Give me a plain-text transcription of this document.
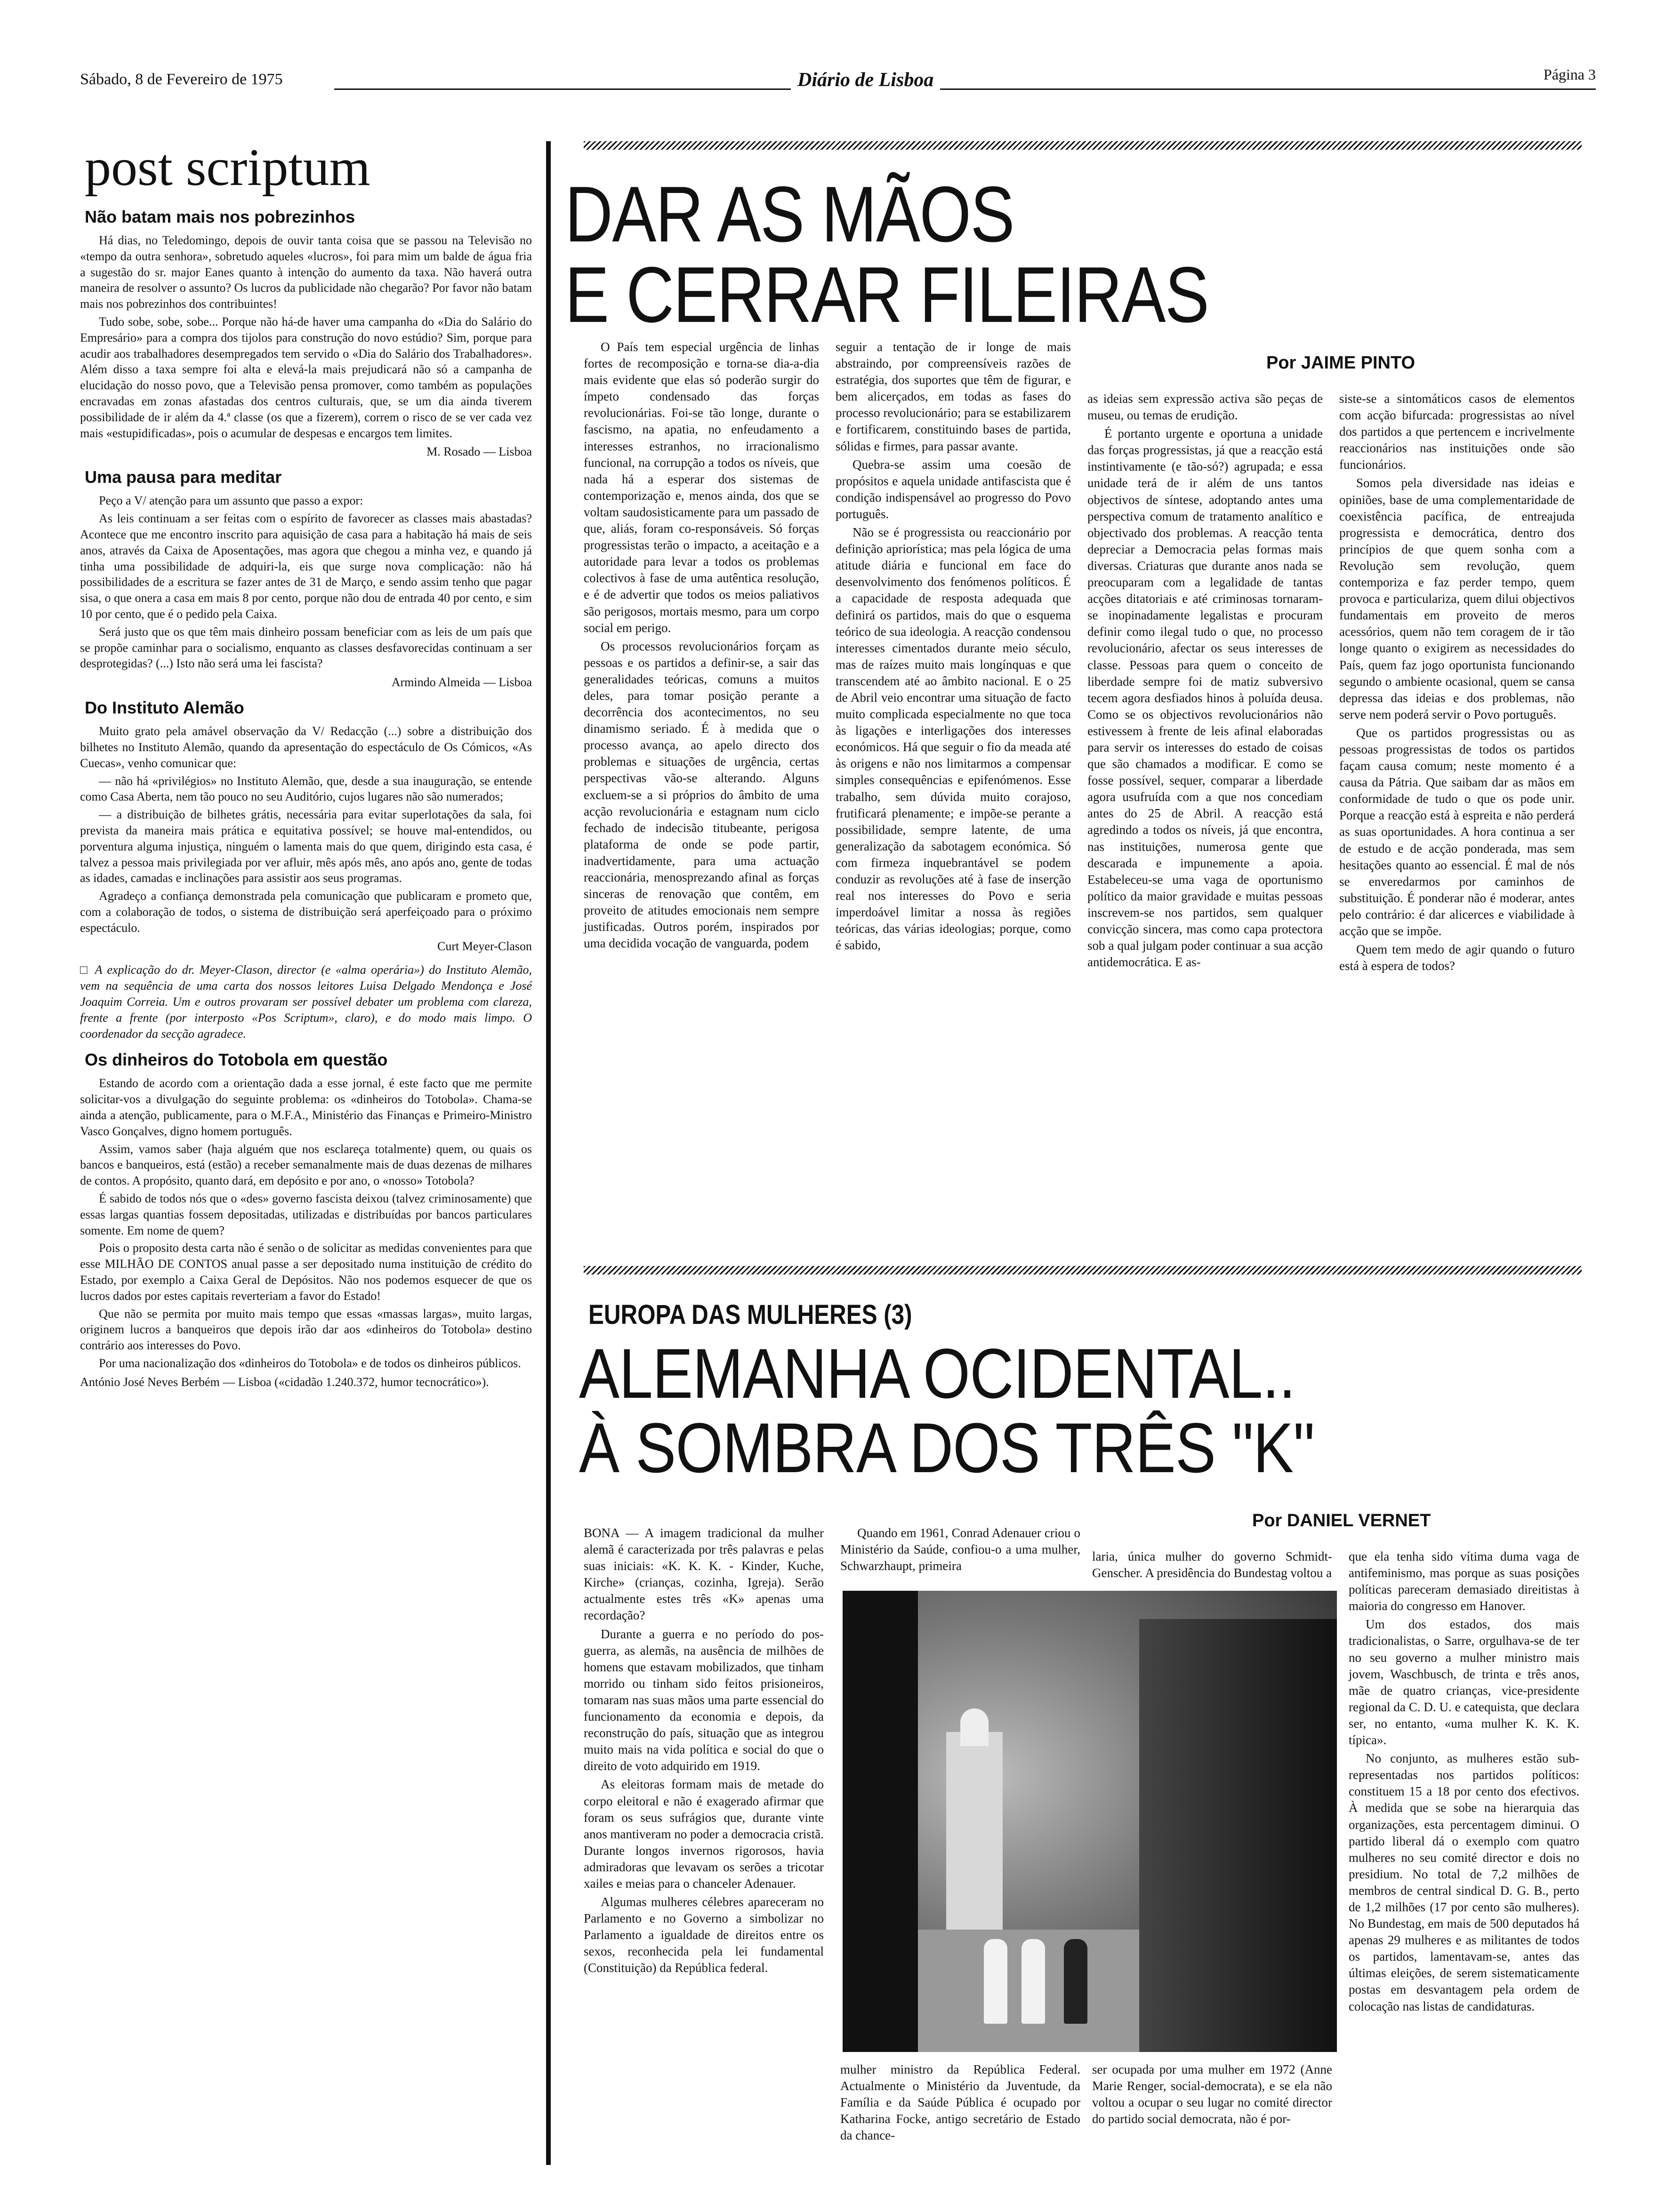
Sábado, 8 de Fevereiro de 1975	Diário de Lisboa	Página 3
post scriptum
Não batam mais nos pobrezinhos

Há dias, no Teledomingo, depois de ouvir tanta coisa que se passou na Televisão no «tempo da outra senhora», sobretudo aqueles «lucros», foi para mim um balde de água fria a sugestão do sr. major Eanes quanto à intenção do aumento da taxa. Não haverá outra maneira de resolver o assunto? Os lucros da publicidade não chegarão? Por favor não batam mais nos pobrezinhos dos contribuintes!

Tudo sobe, sobe, sobe... Porque não há-de haver uma campanha do «Dia do Salário do Empresário» para a compra dos tijolos para construção do novo estúdio? Sim, porque para acudir aos trabalhadores desempregados tem servido o «Dia do Salário dos Trabalhadores». Além disso a taxa sempre foi alta e elevá-la mais prejudicará não só a campanha de elucidação do nosso povo, que a Televisão pensa promover, como também as populações encravadas em zonas afastadas dos centros culturais, que, se um dia ainda tiverem possibilidade de ir além da 4.ª classe (os que a fizerem), correm o risco de se ver cada vez mais «estupidificadas», pois o acumular de despesas e encargos tem limites.

M. Rosado — Lisboa
Uma pausa para meditar

Peço a V/ atenção para um assunto que passo a expor:

As leis continuam a ser feitas com o espírito de favorecer as classes mais abastadas? Acontece que me encontro inscrito para aquisição de casa para a habitação há mais de seis anos, através da Caixa de Aposentações, mas agora que chegou a minha vez, e quando já tinha uma possibilidade de adquiri-la, eis que surge nova complicação: não há possibilidades de a escritura se fazer antes de 31 de Março, e sendo assim tenho que pagar sisa, o que onera a casa em mais 8 por cento, porque não dou de entrada 40 por cento, e sim 10 por cento, que é o pedido pela Caixa.

Será justo que os que têm mais dinheiro possam beneficiar com as leis de um país que se propõe caminhar para o socialismo, enquanto as classes desfavorecidas continuam a ser desprotegidas? (...) Isto não será uma lei fascista?

Armindo Almeida — Lisboa
Do Instituto Alemão

Muito grato pela amável observação da V/ Redacção (...) sobre a distribuição dos bilhetes no Instituto Alemão, quando da apresentação do espectáculo de Os Cómicos, «As Cuecas», venho comunicar que:

— não há «privilégios» no Instituto Alemão, que, desde a sua inauguração, se entende como Casa Aberta, nem tão pouco no seu Auditório, cujos lugares não são numerados;

— a distribuição de bilhetes grátis, necessária para evitar superlotações da sala, foi prevista da maneira mais prática e equitativa possível; se houve mal-entendidos, ou porventura alguma injustiça, ninguém o lamenta mais do que quem, dirigindo esta casa, é talvez a pessoa mais privilegiada por ver afluir, mês após mês, ano após ano, gente de todas as idades, camadas e inclinações para assistir aos seus programas.

Agradeço a confiança demonstrada pela comunicação que publicaram e prometo que, com a colaboração de todos, o sistema de distribuição será aperfeiçoado para o próximo espectáculo.

Curt Meyer-Clason

□ A explicação do dr. Meyer-Clason, director (e «alma operária») do Instituto Alemão, vem na sequência de uma carta dos nossos leitores Luisa Delgado Mendonça e José Joaquim Correia. Um e outros provaram ser possível debater um problema com clareza, frente a frente (por interposto «Pos Scriptum», claro), e do modo mais limpo. O coordenador da secção agradece.

Os dinheiros do Totobola em questão

Estando de acordo com a orientação dada a esse jornal, é este facto que me permite solicitar-vos a divulgação do seguinte problema: os «dinheiros do Totobola». Chama-se ainda a atenção, publicamente, para o M.F.A., Ministério das Finanças e Primeiro-Ministro Vasco Gonçalves, digno homem português.

Assim, vamos saber (haja alguém que nos esclareça totalmente) quem, ou quais os bancos e banqueiros, está (estão) a receber semanalmente mais de duas dezenas de milhares de contos. A propósito, quanto dará, em depósito e por ano, o «nosso» Totobola?

É sabido de todos nós que o «des» governo fascista deixou (talvez criminosamente) que essas largas quantias fossem depositadas, utilizadas e distribuídas por bancos particulares somente. Em nome de quem?

Pois o proposito desta carta não é senão o de solicitar as medidas convenientes para que esse MILHÃO DE CONTOS anual passe a ser depositado numa instituição de crédito do Estado, por exemplo a Caixa Geral de Depósitos. Não nos podemos esquecer de que os lucros dados por estes capitais reverteriam a favor do Estado!

Que não se permita por muito mais tempo que essas «massas largas», muito largas, originem lucros a banqueiros que depois irão dar aos «dinheiros do Totobola» destino contrário aos interesses do Povo.

Por uma nacionalização dos «dinheiros do Totobola» e de todos os dinheiros públicos.

António José Neves Berbém — Lisboa («cidadão 1.240.372, humor tecnocrático»).
DAR AS MÃOS
E CERRAR FILEIRAS
Por JAIME PINTO

O País tem especial urgência de linhas fortes de recomposição e torna-se dia-a-dia mais evidente que elas só poderão surgir do ímpeto condensado das forças revolucionárias. Foi-se tão longe, durante o fascismo, na apatia, no enfeudamento a interesses estranhos, no irracionalismo funcional, na corrupção a todos os níveis, que nada há a esperar dos sistemas de contemporização e, menos ainda, dos que se voltam saudosisticamente para um passado de que, aliás, foram co-responsáveis. Só forças progressistas terão o impacto, a aceitação e a autoridade para levar a todos os problemas colectivos à fase de uma autêntica resolução, e é de advertir que todos os meios paliativos são perigosos, mortais mesmo, para um corpo social em perigo.

Os processos revolucionários forçam as pessoas e os partidos a definir-se, a sair das generalidades teóricas, comuns a muitos deles, para tomar posição perante a decorrência dos acontecimentos, no seu dinamismo seriado. É à medida que o processo avança, ao apelo directo dos problemas e situações de urgência, certas perspectivas vão-se alterando. Alguns excluem-se a si próprios do âmbito de uma acção revolucionária e estagnam num ciclo fechado de indecisão titubeante, perigosa plataforma de onde se pode partir, inadvertidamente, para uma actuação reaccionária, menosprezando afinal as forças sinceras de renovação que contêm, em proveito de atitudes emocionais nem sempre justificadas. Outros porém, inspirados por uma decidida vocação de vanguarda, podem

seguir a tentação de ir longe de mais abstraindo, por compreensíveis razões de estratégia, dos suportes que têm de figurar, e bem alicerçados, em todas as fases do processo revolucionário; para se estabilizarem e fortificarem, constituindo bases de partida, sólidas e firmes, para passar avante.

Quebra-se assim uma coesão de propósitos e aquela unidade antifascista que é condição indispensável ao progresso do Povo português.

Não se é progressista ou reaccionário por definição apriorística; mas pela lógica de uma atitude diária e funcional em face do desenvolvimento dos fenómenos políticos. É a capacidade de resposta adequada que definirá os partidos, mais do que o esquema teórico de sua ideologia. A reacção condensou interesses cimentados durante meio século, mas de raízes muito mais longínquas e que transcendem até ao âmbito nacional. E o 25 de Abril veio encontrar uma situação de facto muito complicada especialmente no que toca às ligações e interligações dos interesses económicos. Há que seguir o fio da meada até às origens e não nos limitarmos a compensar simples consequências e epifenómenos. Esse trabalho, sem dúvida muito corajoso, frutificará plenamente; e impõe-se perante a possibilidade, sempre latente, de uma generalização da sabotagem económica. Só com firmeza inquebrantável se podem conduzir as revoluções até à fase de inserção real nos interesses do Povo e seria imperdoável limitar a nossa às regiões teóricas, das várias ideologias; porque, como é sabido,

as ideias sem expressão activa são peças de museu, ou temas de erudição.

É portanto urgente e oportuna a unidade das forças progressistas, já que a reacção está instintivamente (e tão-só?) agrupada; e essa unidade terá de ir além de uns tantos objectivos de síntese, adoptando antes uma perspectiva comum de tratamento analítico e objectivado dos problemas. A reacção tenta depreciar a Democracia pelas formas mais diversas. Criaturas que durante anos nada se preocuparam com a legalidade de tantas acções ditatoriais e até criminosas tornaram-se inopinadamente legalistas e procuram definir como ilegal tudo o que, no processo revolucionário, afectar os seus interesses de classe. Pessoas para quem o conceito de liberdade sempre foi de matiz subversivo tecem agora desfiados hinos à poluída deusa. Como se os objectivos revolucionários não estivessem à frente de leis afinal elaboradas para servir os interesses do estado de coisas que são chamados a modificar. E como se fosse possível, sequer, comparar a liberdade agora usufruída com a que nos concediam antes do 25 de Abril. A reacção está agredindo a todos os níveis, já que encontra, nas instituições, numerosa gente que descarada e impunemente a apoia. Estabeleceu-se uma vaga de oportunismo político da maior gravidade e muitas pessoas inscrevem-se nos partidos, sem qualquer convicção sincera, mas como capa protectora sob a qual julgam poder continuar a sua acção antidemocrática. E as-

siste-se a sintomáticos casos de elementos com acção bifurcada: progressistas ao nível dos partidos a que pertencem e incrivelmente reaccionários nas instituições onde são funcionários.

Somos pela diversidade nas ideias e opiniões, base de uma complementaridade de coexistência pacífica, de entreajuda progressista e democrática, dentro dos princípios de que quem sonha com a Revolução sem revolução, quem contemporiza e faz perder tempo, quem provoca e particulariza, quem dilui objectivos fundamentais em proveito de meros acessórios, quem não tem coragem de ir tão longe quanto o exigirem as necessidades do País, quem faz jogo oportunista funcionando segundo o ambiente ocasional, quem se cansa depressa das ideias e dos problemas, não serve nem poderá servir o Povo português.

Que os partidos progressistas ou as pessoas progressistas de todos os partidos façam causa comum; neste momento é a causa da Pátria. Que saibam dar as mãos em conformidade de tudo o que os pode unir. Porque a reacção está à espreita e não perderá as suas oportunidades. A hora continua a ser de estudo e de acção ponderada, mas sem hesitações quanto ao essencial. É mal de nós se enveredarmos por caminhos de substituição. É ponderar não é moderar, antes pelo contrário: é dar alicerces e viabilidade à acção que se impõe.

Quem tem medo de agir quando o futuro está à espera de todos?

EUROPA DAS MULHERES (3)
ALEMANHA OCIDENTAL..
À SOMBRA DOS TRÊS "K"
Por DANIEL VERNET

BONA — A imagem tradicional da mulher alemã é caracterizada por três palavras e pelas suas iniciais: «K. K. K. - Kinder, Kuche, Kirche» (crianças, cozinha, Igreja). Serão actualmente estes três «K» apenas uma recordação?

Durante a guerra e no período do pos-guerra, as alemãs, na ausência de milhões de homens que estavam mobilizados, que tinham morrido ou tinham sido feitos prisioneiros, tomaram nas suas mãos uma parte essencial do funcionamento da economia e depois, da reconstrução do país, situação que as integrou muito mais na vida política e social do que o direito de voto adquirido em 1919.

As eleitoras formam mais de metade do corpo eleitoral e não é exagerado afirmar que foram os seus sufrágios que, durante vinte anos mantiveram no poder a democracia cristã. Durante longos invernos rigorosos, havia admiradoras que levavam os serões a tricotar xailes e meias para o chanceler Adenauer.

Algumas mulheres célebres apareceram no Parlamento e no Governo a simbolizar no Parlamento a igualdade de direitos entre os sexos, reconhecida pela lei fundamental (Constituição) da República federal.

Quando em 1961, Conrad Adenauer criou o Ministério da Saúde, confiou-o a uma mulher, Schwarzhaupt, primeira

laria, única mulher do governo Schmidt-Genscher. A presidência do Bundestag voltou a

mulher ministro da República Federal. Actualmente o Ministério da Juventude, da Família e da Saúde Pública é ocupado por Katharina Focke, antigo secretário de Estado da chance-

ser ocupada por uma mulher em 1972 (Anne Marie Renger, social-democrata), e se ela não voltou a ocupar o seu lugar no comité director do partido social democrata, não é por-

que ela tenha sido vítima duma vaga de antifeminismo, mas porque as suas posições políticas pareceram demasiado direitistas à maioria do congresso em Hanover.

Um dos estados, dos mais tradicionalistas, o Sarre, orgulhava-se de ter no seu governo a mulher ministro mais jovem, Waschbusch, de trinta e três anos, mãe de quatro crianças, vice-presidente regional da C. D. U. e catequista, que declara ser, no entanto, «uma mulher K. K. K. típica».

No conjunto, as mulheres estão sub-representadas nos partidos políticos: constituem 15 a 18 por cento dos efectivos. À medida que se sobe na hierarquia das organizações, esta percentagem diminui. O partido liberal dá o exemplo com quatro mulheres no seu comité director e dois no presidium. No total de 7,2 milhões de membros de central sindical D. G. B., perto de 1,2 milhões (17 por cento são mulheres). No Bundestag, em mais de 500 deputados há apenas 29 mulheres e as militantes de todos os partidos, lamentavam-se, antes das últimas eleições, de serem sistematicamente postas em desvantagem pela ordem de colocação nas listas de candidaturas.
